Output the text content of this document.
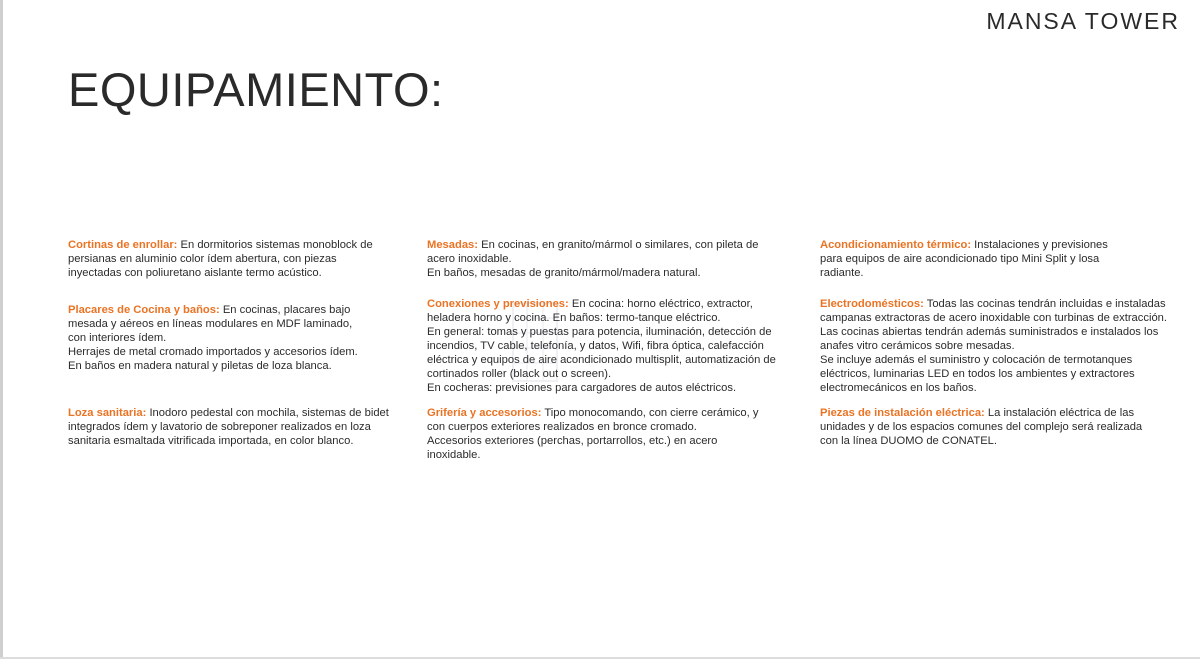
MANSA TOWER
EQUIPAMIENTO:

Cortinas de enrollar: En dormitorios sistemas monoblock de persianas en aluminio color ídem abertura, con piezas inyectadas con poliuretano aislante termo acústico.

Placares de Cocina y baños: En cocinas, placares bajo mesada y aéreos en líneas modulares en MDF laminado, con interiores ídem.
Herrajes de metal cromado importados y accesorios ídem.
En baños en madera natural y piletas de loza blanca.

Loza sanitaria: Inodoro pedestal con mochila, sistemas de bidet integrados ídem y lavatorio de sobreponer realizados en loza sanitaria esmaltada vitrificada importada, en color blanco.

Mesadas: En cocinas, en granito/mármol o similares, con pileta de acero inoxidable.
En baños, mesadas de granito/mármol/madera natural.

Conexiones y previsiones: En cocina: horno eléctrico, extractor, heladera horno y cocina. En baños: termo-tanque eléctrico.
En general: tomas y puestas para potencia, iluminación, detección de incendios, TV cable, telefonía, y datos, Wifi, fibra óptica, calefacción eléctrica y equipos de aire acondicionado multisplit, automatización de cortinados roller (black out o screen).
En cocheras: previsiones para cargadores de autos eléctricos.

Grifería y accesorios: Tipo monocomando, con cierre cerámico, y con cuerpos exteriores realizados en bronce cromado.
Accesorios exteriores (perchas, portarrollos, etc.) en acero inoxidable.

Acondicionamiento térmico: Instalaciones y previsiones para equipos de aire acondicionado tipo Mini Split y losa radiante.

Electrodomésticos: Todas las cocinas tendrán incluidas e instaladas campanas extractoras de acero inoxidable con turbinas de extracción. Las cocinas abiertas tendrán además suministrados e instalados los anafes vitro cerámicos sobre mesadas.
Se incluye además el suministro y colocación de termotanques eléctricos, luminarias LED en todos los ambientes y extractores electromecánicos en los baños.

Piezas de instalación eléctrica: La instalación eléctrica de las unidades y de los espacios comunes del complejo será realizada con la línea DUOMO de CONATEL.
